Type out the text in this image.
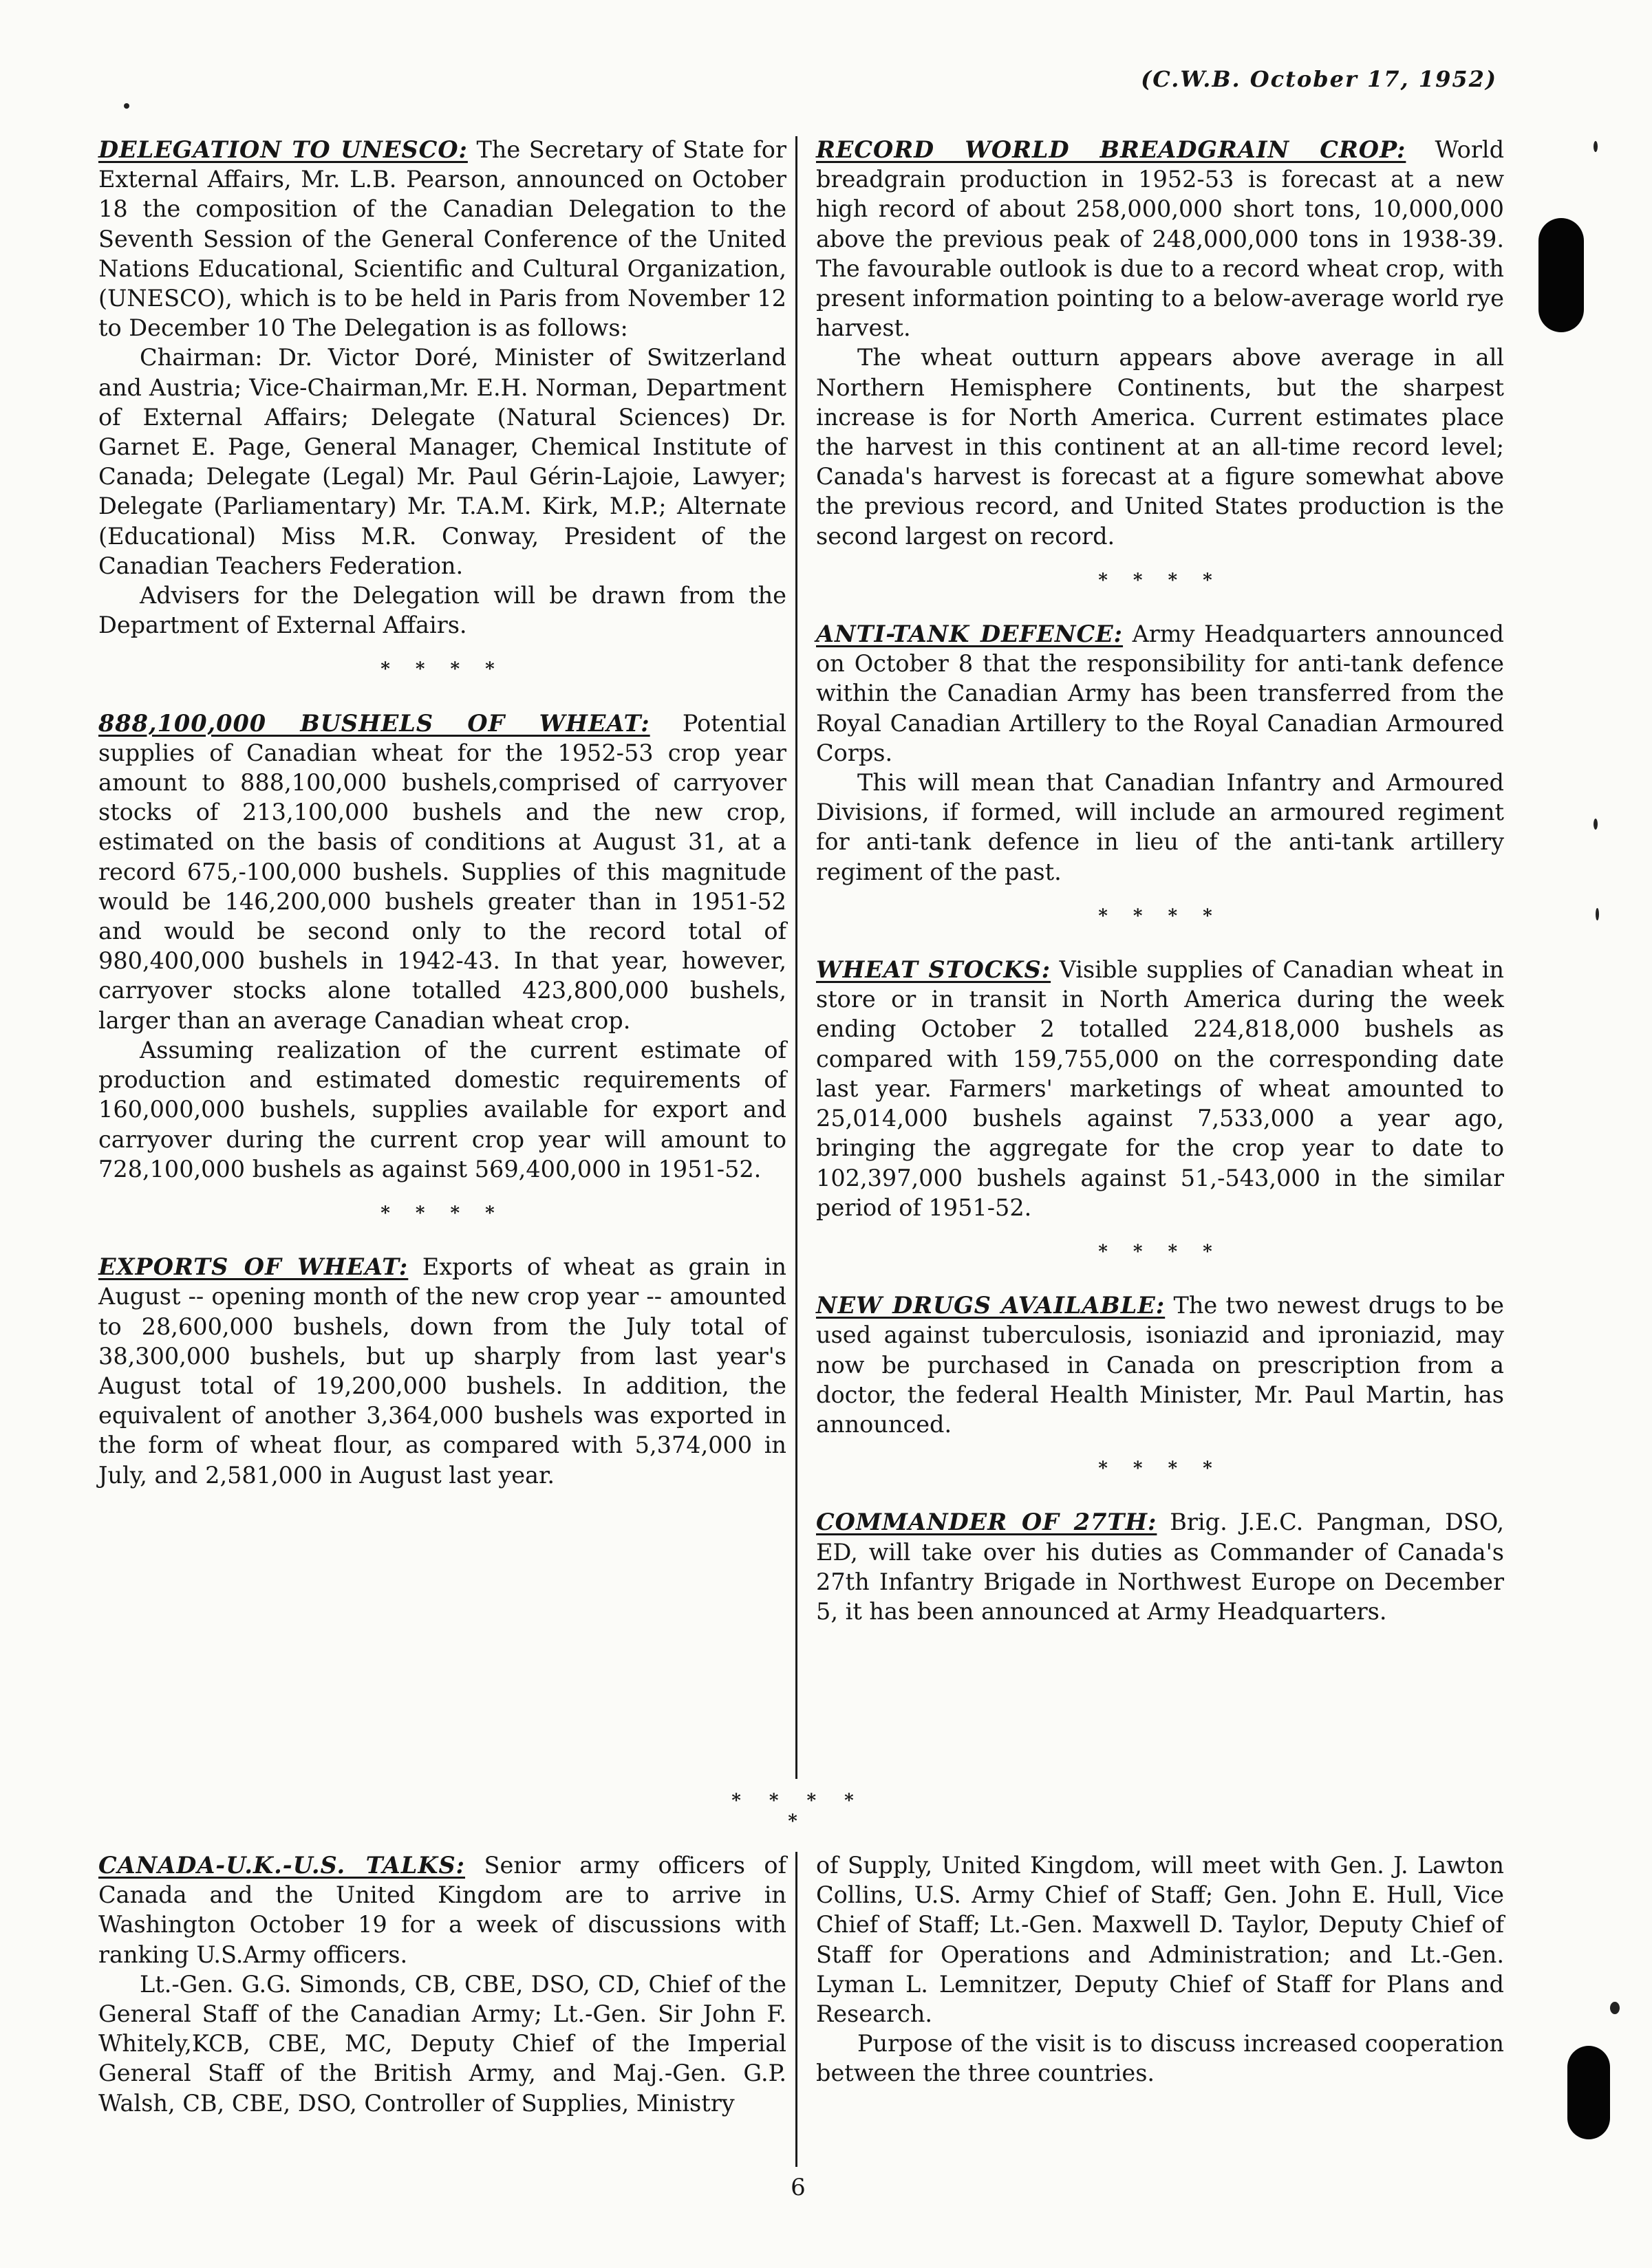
(C.W.B. October 17, 1952)

DELEGATION TO UNESCO: The Secretary of State for External Affairs, Mr. L.B. Pearson, announced on October 18 the composition of the Canadian Delegation to the Seventh Session of the General Conference of the United Nations Educational, Scientific and Cultural Organization, (UNESCO), which is to be held in Paris from November 12 to December 10 The Delegation is as follows:

Chairman: Dr. Victor Doré, Minister of Switzerland and Austria; Vice-Chairman,Mr. E.H. Norman, Department of External Affairs; Delegate (Natural Sciences) Dr. Garnet E. Page, General Manager, Chemical Institute of Canada; Delegate (Legal) Mr. Paul Gérin-Lajoie, Lawyer; Delegate (Parliamentary) Mr. T.A.M. Kirk, M.P.; Alternate (Educational) Miss M.R. Conway, President of the Canadian Teachers Federation.

Advisers for the Delegation will be drawn from the Department of External Affairs.

* * * *

888,100,000 BUSHELS OF WHEAT: Potential supplies of Canadian wheat for the 1952-53 crop year amount to 888,100,000 bushels,comprised of carryover stocks of 213,100,000 bushels and the new crop, estimated on the basis of conditions at August 31, at a record 675,-100,000 bushels. Supplies of this magnitude would be 146,200,000 bushels greater than in 1951-52 and would be second only to the record total of 980,400,000 bushels in 1942-43. In that year, however, carryover stocks alone totalled 423,800,000 bushels, larger than an average Canadian wheat crop.

Assuming realization of the current estimate of production and estimated domestic requirements of 160,000,000 bushels, supplies available for export and carryover during the current crop year will amount to 728,100,000 bushels as against 569,400,000 in 1951-52.

* * * *

EXPORTS OF WHEAT: Exports of wheat as grain in August -- opening month of the new crop year -- amounted to 28,600,000 bushels, down from the July total of 38,300,000 bushels, but up sharply from last year's August total of 19,200,000 bushels. In addition, the equivalent of another 3,364,000 bushels was exported in the form of wheat flour, as compared with 5,374,000 in July, and 2,581,000 in August last year.

RECORD WORLD BREADGRAIN CROP: World breadgrain production in 1952-53 is forecast at a new high record of about 258,000,000 short tons, 10,000,000 above the previous peak of 248,000,000 tons in 1938-39. The favourable outlook is due to a record wheat crop, with present information pointing to a below-average world rye harvest.

The wheat outturn appears above average in all Northern Hemisphere Continents, but the sharpest increase is for North America. Current estimates place the harvest in this continent at an all-time record level; Canada's harvest is forecast at a figure somewhat above the previous record, and United States production is the second largest on record.

* * * *

ANTI-TANK DEFENCE: Army Headquarters announced on October 8 that the responsibility for anti-tank defence within the Canadian Army has been transferred from the Royal Canadian Artillery to the Royal Canadian Armoured Corps.

This will mean that Canadian Infantry and Armoured Divisions, if formed, will include an armoured regiment for anti-tank defence in lieu of the anti-tank artillery regiment of the past.

* * * *

WHEAT STOCKS: Visible supplies of Canadian wheat in store or in transit in North America during the week ending October 2 totalled 224,818,000 bushels as compared with 159,755,000 on the corresponding date last year. Farmers' marketings of wheat amounted to 25,014,000 bushels against 7,533,000 a year ago, bringing the aggregate for the crop year to date to 102,397,000 bushels against 51,-543,000 in the similar period of 1951-52.

* * * *

NEW DRUGS AVAILABLE: The two newest drugs to be used against tuberculosis, isoniazid and iproniazid, may now be purchased in Canada on prescription from a doctor, the federal Health Minister, Mr. Paul Martin, has announced.

* * * *

COMMANDER OF 27TH: Brig. J.E.C. Pangman, DSO, ED, will take over his duties as Commander of Canada's 27th Infantry Brigade in Northwest Europe on December 5, it has been announced at Army Headquarters.

* * * * *

CANADA-U.K.-U.S. TALKS: Senior army officers of Canada and the United Kingdom are to arrive in Washington October 19 for a week of discussions with ranking U.S.Army officers.

Lt.-Gen. G.G. Simonds, CB, CBE, DSO, CD, Chief of the General Staff of the Canadian Army; Lt.-Gen. Sir John F. Whitely,KCB, CBE, MC, Deputy Chief of the Imperial General Staff of the British Army, and Maj.-Gen. G.P. Walsh, CB, CBE, DSO, Controller of Supplies, Ministry

of Supply, United Kingdom, will meet with Gen. J. Lawton Collins, U.S. Army Chief of Staff; Gen. John E. Hull, Vice Chief of Staff; Lt.-Gen. Maxwell D. Taylor, Deputy Chief of Staff for Operations and Administration; and Lt.-Gen. Lyman L. Lemnitzer, Deputy Chief of Staff for Plans and Research.

Purpose of the visit is to discuss increased cooperation between the three countries.

6
